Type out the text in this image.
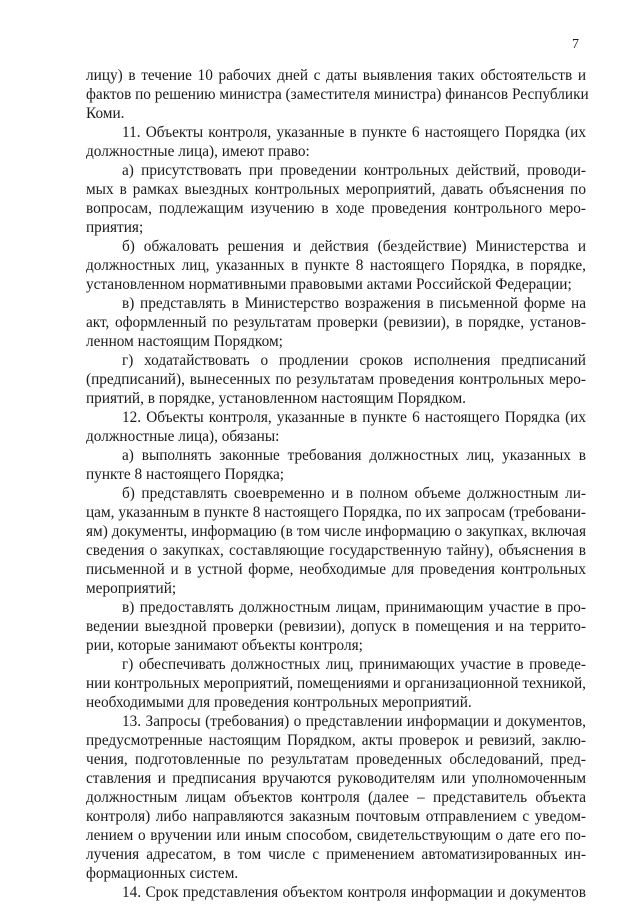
7
лицу) в течение 10 рабочих дней с даты выявления таких обстоятельств и
фактов по решению министра (заместителя министра) финансов Республики
Коми.
11. Объекты контроля, указанные в пункте 6 настоящего Порядка (их
должностные лица), имеют право:
а) присутствовать при проведении контрольных действий, проводи-
мых в рамках выездных контрольных мероприятий, давать объяснения по
вопросам, подлежащим изучению в ходе проведения контрольного меро-
приятия;
б) обжаловать решения и действия (бездействие) Министерства и
должностных лиц, указанных в пункте 8 настоящего Порядка, в порядке,
установленном нормативными правовыми актами Российской Федерации;
в) представлять в Министерство возражения в письменной форме на
акт, оформленный по результатам проверки (ревизии), в порядке, установ-
ленном настоящим Порядком;
г) ходатайствовать о продлении сроков исполнения предписаний
(предписаний), вынесенных по результатам проведения контрольных меро-
приятий, в порядке, установленном настоящим Порядком.
12. Объекты контроля, указанные в пункте 6 настоящего Порядка (их
должностные лица), обязаны:
а) выполнять законные требования должностных лиц, указанных в
пункте 8 настоящего Порядка;
б) представлять своевременно и в полном объеме должностным ли-
цам, указанным в пункте 8 настоящего Порядка, по их запросам (требовани-
ям) документы, информацию (в том числе информацию о закупках, включая
сведения о закупках, составляющие государственную тайну), объяснения в
письменной и в устной форме, необходимые для проведения контрольных
мероприятий;
в) предоставлять должностным лицам, принимающим участие в про-
ведении выездной проверки (ревизии), допуск в помещения и на террито-
рии, которые занимают объекты контроля;
г) обеспечивать должностных лиц, принимающих участие в проведе-
нии контрольных мероприятий, помещениями и организационной техникой,
необходимыми для проведения контрольных мероприятий.
13. Запросы (требования) о представлении информации и документов,
предусмотренные настоящим Порядком, акты проверок и ревизий, заклю-
чения, подготовленные по результатам проведенных обследований, пред-
ставления и предписания вручаются руководителям или уполномоченным
должностным лицам объектов контроля (далее – представитель объекта
контроля) либо направляются заказным почтовым отправлением с уведом-
лением о вручении или иным способом, свидетельствующим о дате его по-
лучения адресатом, в том числе с применением автоматизированных ин-
формационных систем.
14. Срок представления объектом контроля информации и документов
